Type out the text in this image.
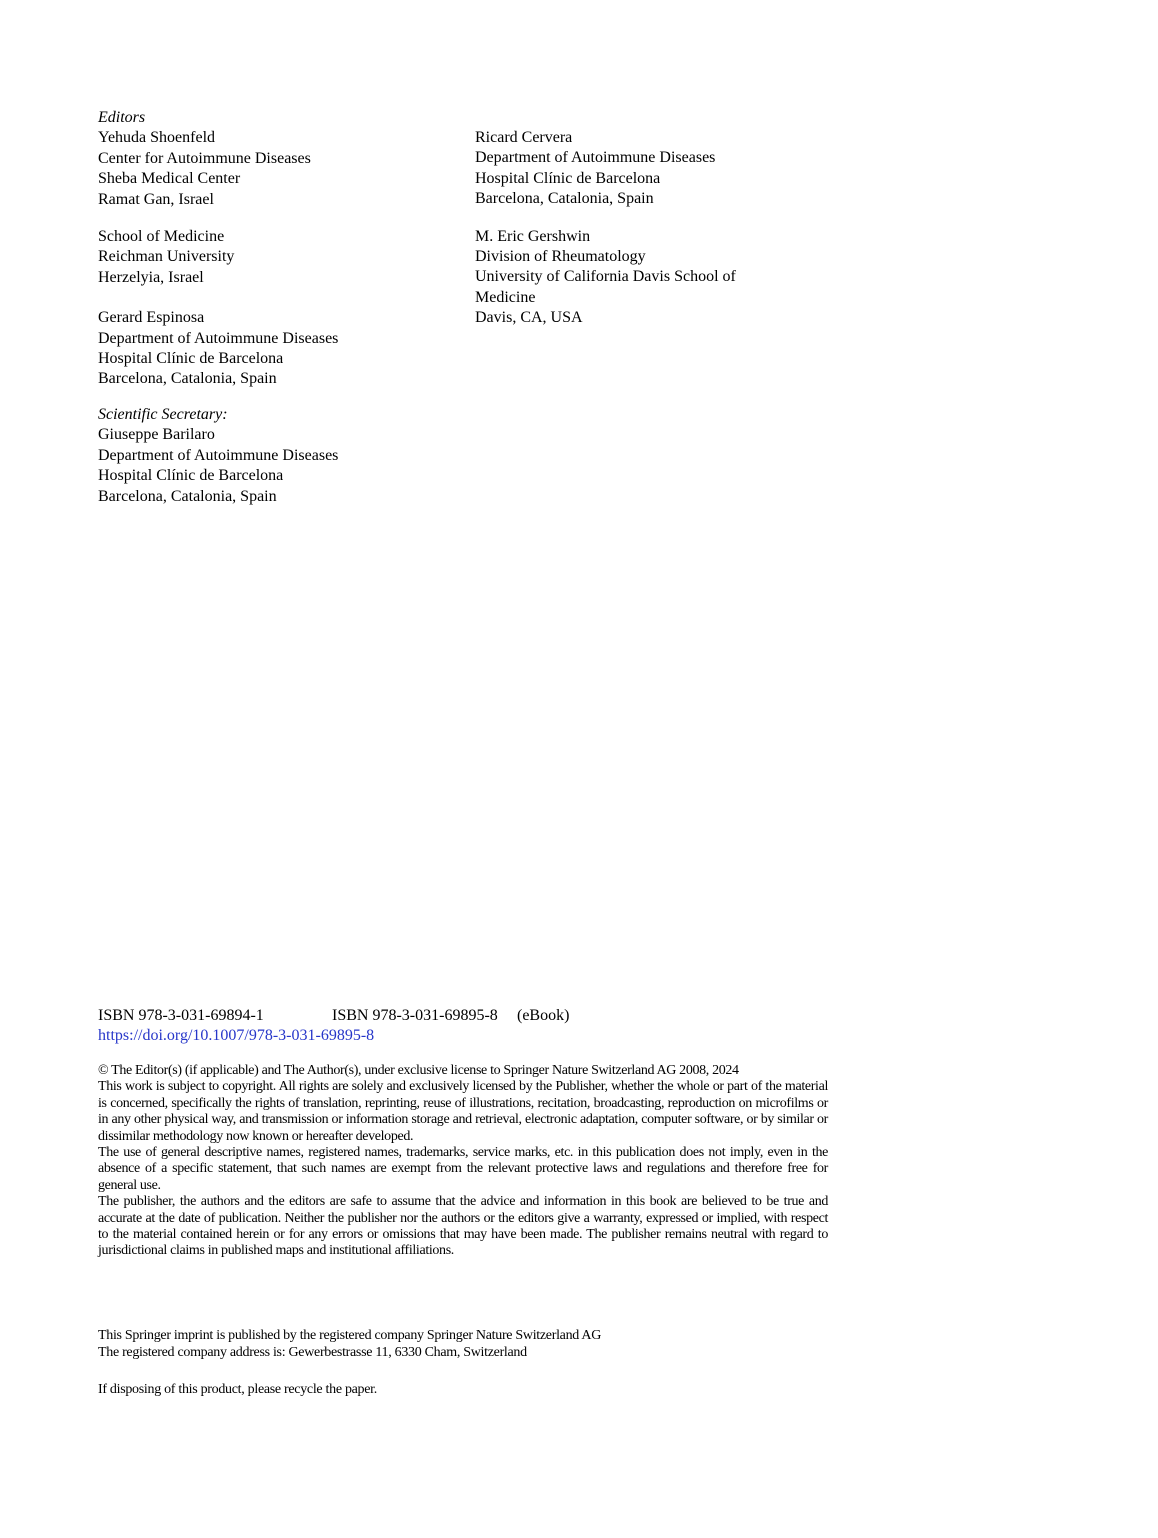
Editors
Yehuda Shoenfeld
Center for Autoimmune Diseases
Sheba Medical Center
Ramat Gan, Israel
School of Medicine
Reichman University
Herzelyia, Israel
Gerard Espinosa
Department of Autoimmune Diseases
Hospital Clínic de Barcelona
Barcelona, Catalonia, Spain
Scientific Secretary:
Giuseppe Barilaro
Department of Autoimmune Diseases
Hospital Clínic de Barcelona
Barcelona, Catalonia, Spain
Ricard Cervera
Department of Autoimmune Diseases
Hospital Clínic de Barcelona
Barcelona, Catalonia, Spain
M. Eric Gershwin
Division of Rheumatology
University of California Davis School of
Medicine
Davis, CA, USA
ISBN 978-3-031-69894-1	ISBN 978-3-031-69895-8 (eBook)
https://doi.org/10.1007/978-3-031-69895-8

© The Editor(s) (if applicable) and The Author(s), under exclusive license to Springer Nature Switzerland AG 2008, 2024

This work is subject to copyright. All rights are solely and exclusively licensed by the Publisher, whether the whole or part of the material is concerned, specifically the rights of translation, reprinting, reuse of illustrations, recitation, broadcasting, reproduction on microfilms or in any other physical way, and transmission or information storage and retrieval, electronic adaptation, computer software, or by similar or dissimilar methodology now known or hereafter developed.

The use of general descriptive names, registered names, trademarks, service marks, etc. in this publication does not imply, even in the absence of a specific statement, that such names are exempt from the relevant protective laws and regulations and therefore free for general use.

The publisher, the authors and the editors are safe to assume that the advice and information in this book are believed to be true and accurate at the date of publication. Neither the publisher nor the authors or the editors give a warranty, expressed or implied, with respect to the material contained herein or for any errors or omissions that may have been made. The publisher remains neutral with regard to jurisdictional claims in published maps and institutional affiliations.

This Springer imprint is published by the registered company Springer Nature Switzerland AG
The registered company address is: Gewerbestrasse 11, 6330 Cham, Switzerland
If disposing of this product, please recycle the paper.
